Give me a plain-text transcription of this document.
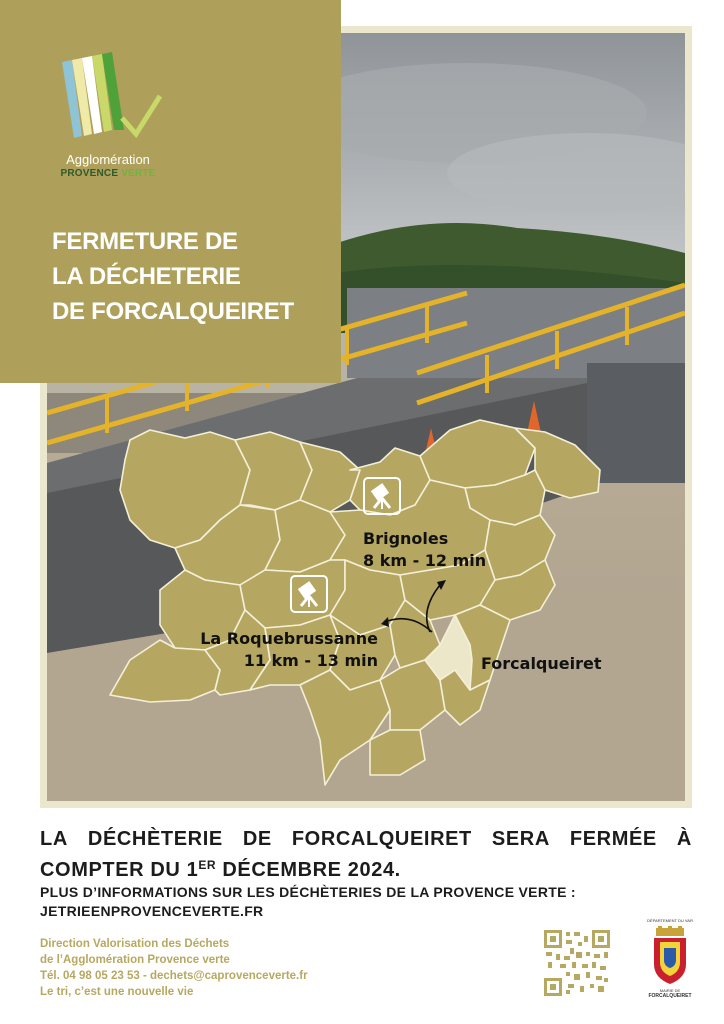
Brignoles
8 km - 12 min
La Roquebrussanne
11 km - 13 min	Forcalqueiret
Agglomération
PROVENCE VERTE
FERMETURE DE
LA DÉCHETERIE
DE FORCALQUEIRET
LA DÉCHÈTERIE DE FORCALQUEIRET SERA FERMÉE À
COMPTER DU 1ER DÉCEMBRE 2024.
PLUS D’INFORMATIONS SUR LES DÉCHÈTERIES DE LA PROVENCE VERTE :
JETRIEENPROVENCEVERTE.FR
Direction Valorisation des Déchets
de l’Agglomération Provence verte
Tél. 04 98 05 23 53 - dechets@caprovenceverte.fr
Le tri, c’est une nouvelle vie
DÉPARTEMENT DU VAR
MAIRIE DE
FORCALQUEIRET
